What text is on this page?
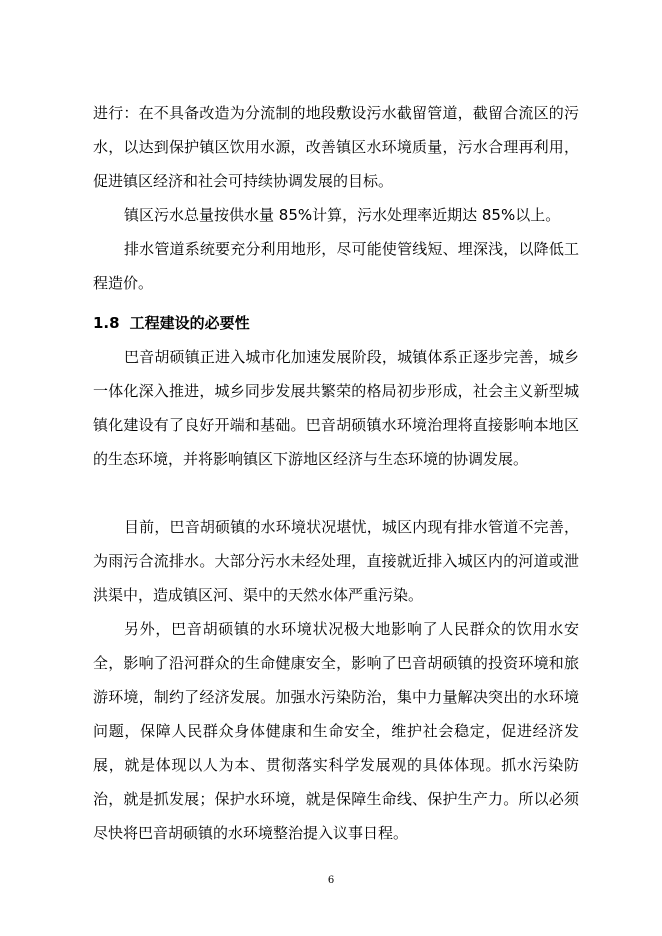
进行：在不具备改造为分流制的地段敷设污水截留管道，截留合流区的污水，以达到保护镇区饮用水源，改善镇区水环境质量，污水合理再利用，促进镇区经济和社会可持续协调发展的目标。

镇区污水总量按供水量 85%计算，污水处理率近期达 85%以上。

排水管道系统要充分利用地形，尽可能使管线短、埋深浅，以降低工程造价。

1.8 工程建设的必要性

巴音胡硕镇正进入城市化加速发展阶段，城镇体系正逐步完善，城乡一体化深入推进，城乡同步发展共繁荣的格局初步形成，社会主义新型城镇化建设有了良好开端和基础。巴音胡硕镇水环境治理将直接影响本地区的生态环境，并将影响镇区下游地区经济与生态环境的协调发展。

目前，巴音胡硕镇的水环境状况堪忧，城区内现有排水管道不完善，为雨污合流排水。大部分污水未经处理，直接就近排入城区内的河道或泄洪渠中，造成镇区河、渠中的天然水体严重污染。

另外，巴音胡硕镇的水环境状况极大地影响了人民群众的饮用水安全，影响了沿河群众的生命健康安全，影响了巴音胡硕镇的投资环境和旅游环境，制约了经济发展。加强水污染防治，集中力量解决突出的水环境问题，保障人民群众身体健康和生命安全，维护社会稳定，促进经济发展，就是体现以人为本、贯彻落实科学发展观的具体体现。抓水污染防治，就是抓发展；保护水环境，就是保障生命线、保护生产力。所以必须尽快将巴音胡硕镇的水环境整治提入议事日程。

6
